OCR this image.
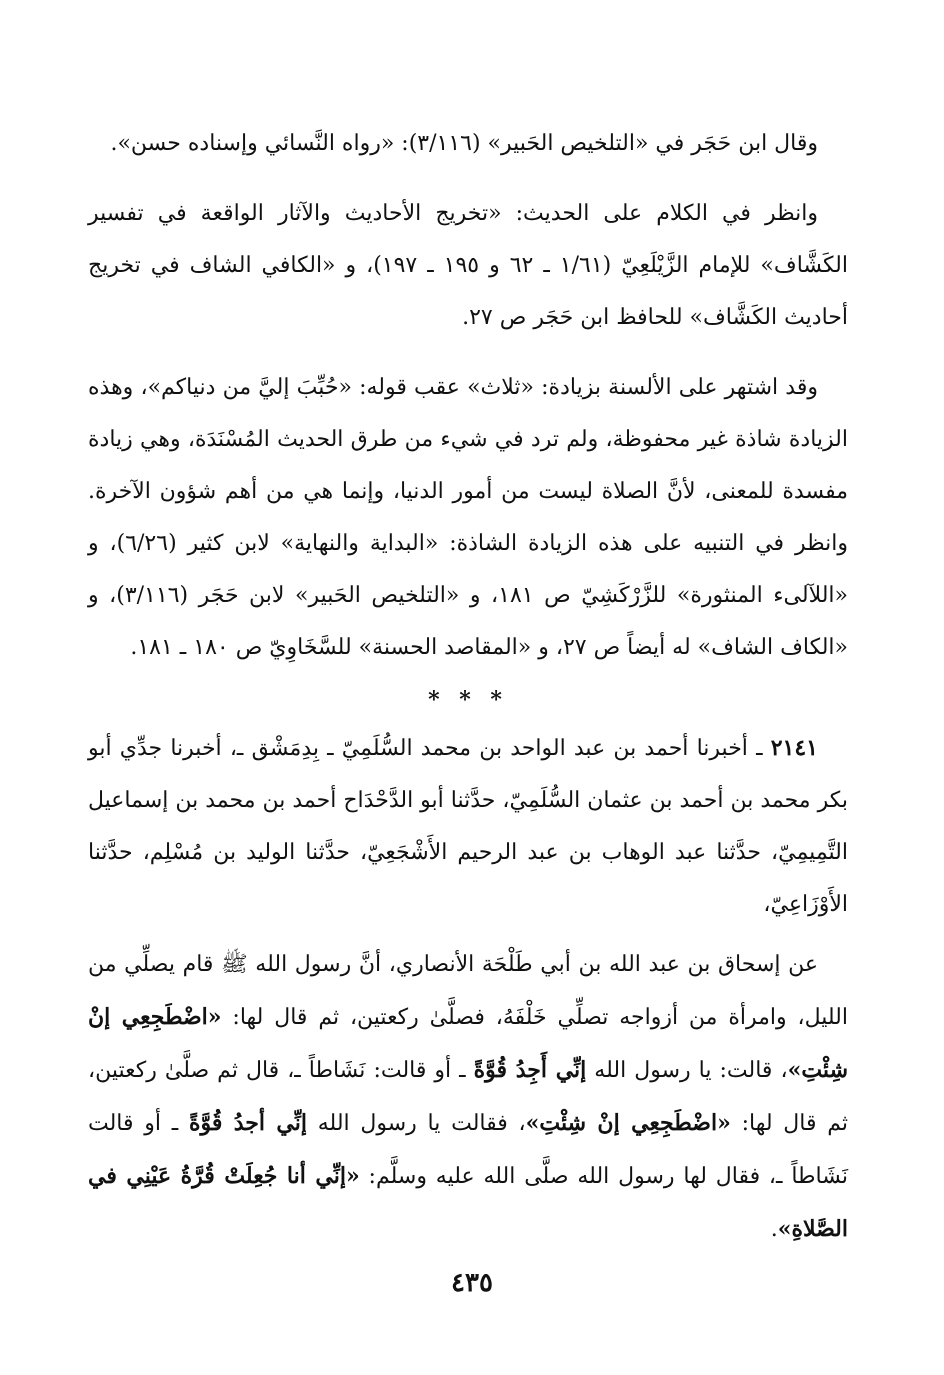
وقال ابن حَجَر في «التلخيص الحَبير» (٣/١١٦): «رواه النَّسائي وإسناده حسن».

وانظر في الكلام على الحديث: «تخريج الأحاديث والآثار الواقعة في تفسير الكَشَّاف» للإمام الزَّيْلَعِيّ (١/٦١ ـ ٦٢ و ١٩٥ ـ ١٩٧)، و «الكافي الشاف في تخريج أحاديث الكَشَّاف» للحافظ ابن حَجَر ص ٢٧.

وقد اشتهر على الألسنة بزيادة: «ثلاث» عقب قوله: «حُبِّبَ إليَّ من دنياكم»، وهذه الزيادة شاذة غير محفوظة، ولم ترد في شيء من طرق الحديث المُسْنَدَة، وهي زيادة مفسدة للمعنى، لأنَّ الصلاة ليست من أمور الدنيا، وإنما هي من أهم شؤون الآخرة. وانظر في التنبيه على هذه الزيادة الشاذة: «البداية والنهاية» لابن كثير (٦/٢٦)، و «اللآلىء المنثورة» للزَّرْكَشِيّ ص ١٨١، و «التلخيص الحَبير» لابن حَجَر (٣/١١٦)، و «الكاف الشاف» له أيضاً ص ٢٧، و «المقاصد الحسنة» للسَّخَاوِيّ ص ١٨٠ ـ ١٨١.

* * *

٢١٤١ ـ أخبرنا أحمد بن عبد الواحد بن محمد السُّلَمِيّ ـ بِدِمَشْق ـ، أخبرنا جدِّي أبو بكر محمد بن أحمد بن عثمان السُّلَمِيّ، حدَّثنا أبو الدَّحْدَاح أحمد بن محمد بن إسماعيل التَّمِيمِيّ، حدَّثنا عبد الوهاب بن عبد الرحيم الأَشْجَعِيّ، حدَّثنا الوليد بن مُسْلِم، حدَّثنا الأَوْزَاعِيّ،

عن إسحاق بن عبد الله بن أبي طَلْحَة الأنصاري، أنَّ رسول الله ﷺ قام يصلِّي من الليل، وامرأة من أزواجه تصلِّي خَلْفَهُ، فصلَّىٰ ركعتين، ثم قال لها: «اضْطَجِعِي إنْ شِئْتِ»، قالت: يا رسول الله إنِّي أَجِدُ قُوَّةً ـ أو قالت: نَشَاطاً ـ، قال ثم صلَّىٰ ركعتين، ثم قال لها: «اضْطَجِعِي إنْ شِئْتِ»، فقالت يا رسول الله إنِّي أجدُ قُوَّةً ـ أو قالت نَشَاطاً ـ، فقال لها رسول الله صلَّى الله عليه وسلَّم: «إنِّي أنا جُعِلَتْ قُرَّةُ عَيْنِي في الصَّلاةِ».

٤٣٥
